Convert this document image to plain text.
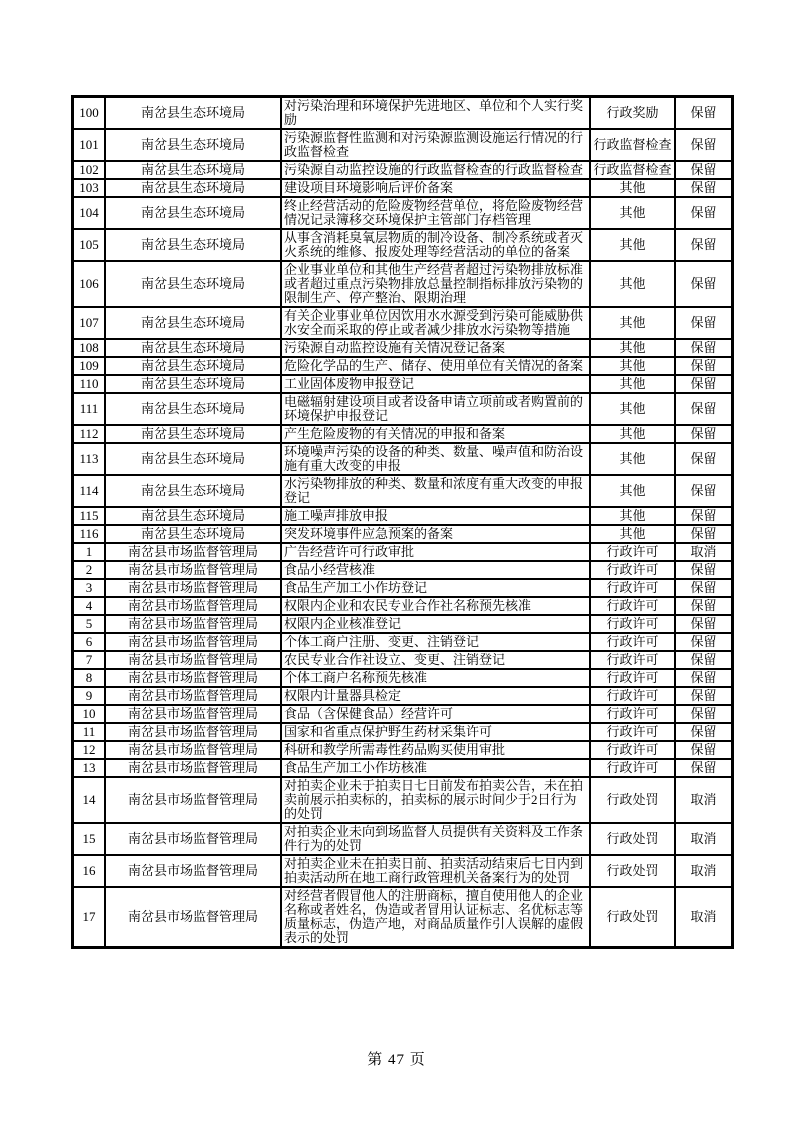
100	南岔县生态环境局	对污染治理和环境保护先进地区、单位和个人实行奖励	行政奖励	保留
101	南岔县生态环境局	污染源监督性监测和对污染源监测设施运行情况的行政监督检查	行政监督检查	保留
102	南岔县生态环境局	污染源自动监控设施的行政监督检查的行政监督检查	行政监督检查	保留
103	南岔县生态环境局	建设项目环境影响后评价备案	其他	保留
104	南岔县生态环境局	终止经营活动的危险废物经营单位，将危险废物经营情况记录簿移交环境保护主管部门存档管理	其他	保留
105	南岔县生态环境局	从事含消耗臭氧层物质的制冷设备、制冷系统或者灭火系统的维修、报废处理等经营活动的单位的备案	其他	保留
106	南岔县生态环境局	企业事业单位和其他生产经营者超过污染物排放标准或者超过重点污染物排放总量控制指标排放污染物的限制生产、停产整治、限期治理	其他	保留
107	南岔县生态环境局	有关企业事业单位因饮用水水源受到污染可能威胁供水安全而采取的停止或者减少排放水污染物等措施	其他	保留
108	南岔县生态环境局	污染源自动监控设施有关情况登记备案	其他	保留
109	南岔县生态环境局	危险化学品的生产、储存、使用单位有关情况的备案	其他	保留
110	南岔县生态环境局	工业固体废物申报登记	其他	保留
111	南岔县生态环境局	电磁辐射建设项目或者设备申请立项前或者购置前的环境保护申报登记	其他	保留
112	南岔县生态环境局	产生危险废物的有关情况的申报和备案	其他	保留
113	南岔县生态环境局	环境噪声污染的设备的种类、数量、噪声值和防治设施有重大改变的申报	其他	保留
114	南岔县生态环境局	水污染物排放的种类、数量和浓度有重大改变的申报登记	其他	保留
115	南岔县生态环境局	施工噪声排放申报	其他	保留
116	南岔县生态环境局	突发环境事件应急预案的备案	其他	保留
1	南岔县市场监督管理局	广告经营许可行政审批	行政许可	取消
2	南岔县市场监督管理局	食品小经营核准	行政许可	保留
3	南岔县市场监督管理局	食品生产加工小作坊登记	行政许可	保留
4	南岔县市场监督管理局	权限内企业和农民专业合作社名称预先核准	行政许可	保留
5	南岔县市场监督管理局	权限内企业核准登记	行政许可	保留
6	南岔县市场监督管理局	个体工商户注册、变更、注销登记	行政许可	保留
7	南岔县市场监督管理局	农民专业合作社设立、变更、注销登记	行政许可	保留
8	南岔县市场监督管理局	个体工商户名称预先核准	行政许可	保留
9	南岔县市场监督管理局	权限内计量器具检定	行政许可	保留
10	南岔县市场监督管理局	食品（含保健食品）经营许可	行政许可	保留
11	南岔县市场监督管理局	国家和省重点保护野生药材采集许可	行政许可	保留
12	南岔县市场监督管理局	科研和教学所需毒性药品购买使用审批	行政许可	保留
13	南岔县市场监督管理局	食品生产加工小作坊核准	行政许可	保留
14	南岔县市场监督管理局	对拍卖企业未于拍卖日七日前发布拍卖公告，未在拍卖前展示拍卖标的，拍卖标的展示时间少于2日行为的处罚	行政处罚	取消
15	南岔县市场监督管理局	对拍卖企业未向到场监督人员提供有关资料及工作条件行为的处罚	行政处罚	取消
16	南岔县市场监督管理局	对拍卖企业未在拍卖日前、拍卖活动结束后七日内到拍卖活动所在地工商行政管理机关备案行为的处罚	行政处罚	取消
17	南岔县市场监督管理局	对经营者假冒他人的注册商标，擅自使用他人的企业名称或者姓名，伪造或者冒用认证标志、名优标志等质量标志，伪造产地，对商品质量作引人误解的虚假表示的处罚	行政处罚	取消
第 47 页
